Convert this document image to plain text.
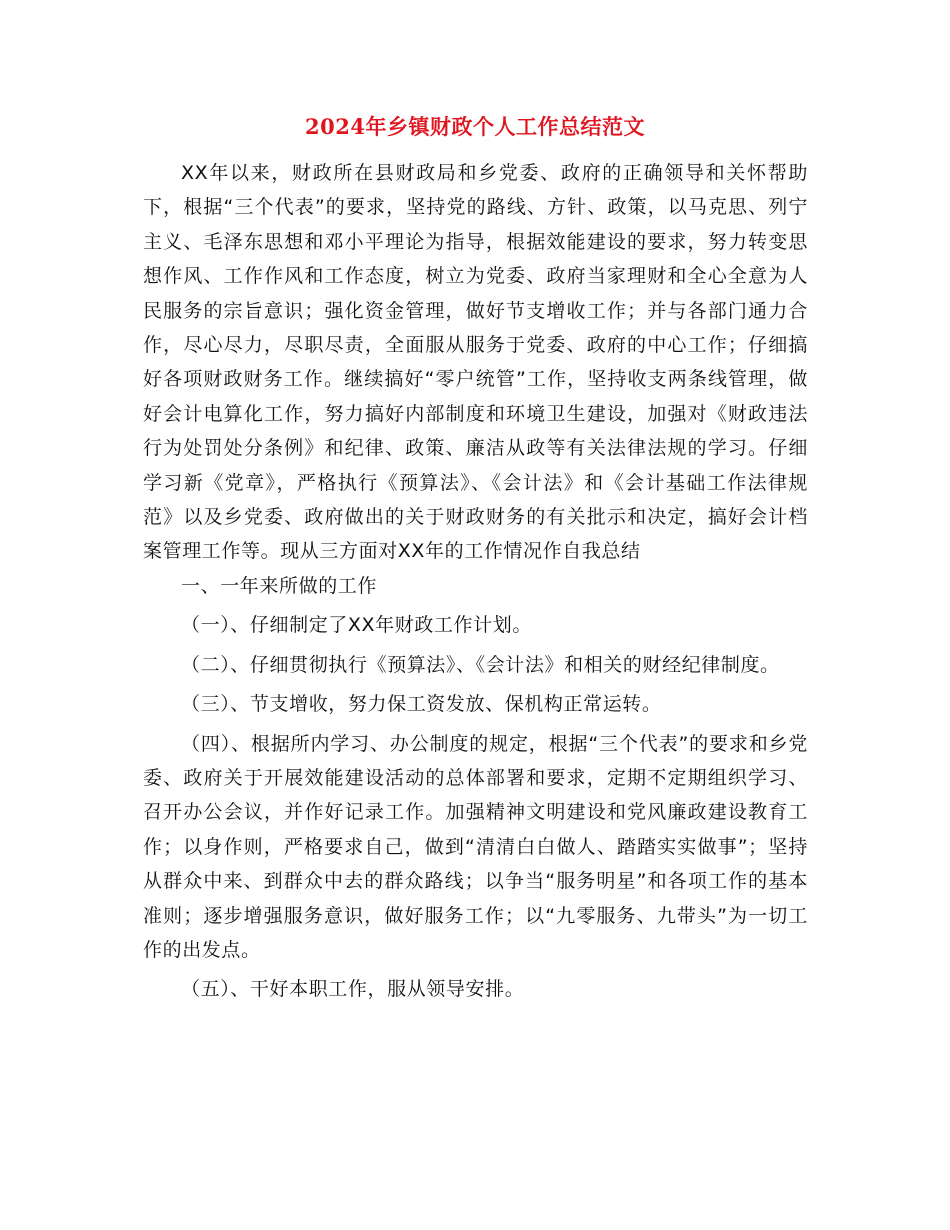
2024年乡镇财政个人工作总结范文

XX年以来，财政所在县财政局和乡党委、政府的正确领导和关怀帮助下，根据“三个代表”的要求，坚持党的路线、方针、政策，以马克思、列宁主义、毛泽东思想和邓小平理论为指导，根据效能建设的要求，努力转变思想作风、工作作风和工作态度，树立为党委、政府当家理财和全心全意为人民服务的宗旨意识；强化资金管理，做好节支增收工作；并与各部门通力合作，尽心尽力，尽职尽责，全面服从服务于党委、政府的中心工作；仔细搞好各项财政财务工作。继续搞好“零户统管”工作，坚持收支两条线管理，做好会计电算化工作，努力搞好内部制度和环境卫生建设，加强对《财政违法行为处罚处分条例》和纪律、政策、廉洁从政等有关法律法规的学习。仔细学习新《党章》，严格执行《预算法》、《会计法》和《会计基础工作法律规范》以及乡党委、政府做出的关于财政财务的有关批示和决定，搞好会计档案管理工作等。现从三方面对XX年的工作情况作自我总结

一、一年来所做的工作

（一）、仔细制定了XX年财政工作计划。

（二）、仔细贯彻执行《预算法》、《会计法》和相关的财经纪律制度。

（三）、节支增收，努力保工资发放、保机构正常运转。

（四）、根据所内学习、办公制度的规定，根据“三个代表”的要求和乡党委、政府关于开展效能建设活动的总体部署和要求，定期不定期组织学习、召开办公会议，并作好记录工作。加强精神文明建设和党风廉政建设教育工作；以身作则，严格要求自己，做到“清清白白做人、踏踏实实做事”；坚持从群众中来、到群众中去的群众路线；以争当“服务明星”和各项工作的基本准则；逐步增强服务意识，做好服务工作；以“九零服务、九带头”为一切工作的出发点。

（五）、干好本职工作，服从领导安排。
